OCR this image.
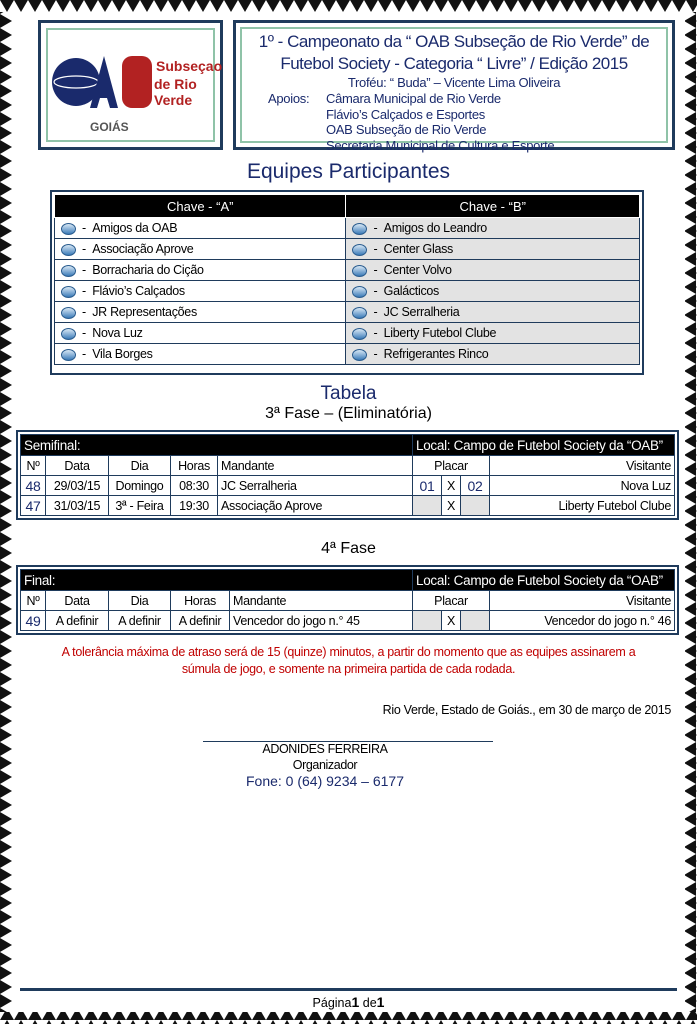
Subseçao
de Rio Verde
GOIÁS
1º - Campeonato da “ OAB Subseção de Rio Verde” de
Futebol Society - Categoria “ Livre” / Edição 2015
Troféu: “ Buda” – Vicente Lima Oliveira
Apoios: Câmara Municipal de Rio Verde
Flávio’s Calçados e Esportes
OAB Subseção de Rio Verde
Secretaria Municipal de Cultura e Esporte
Equipes Participantes
Chave - “A”	Chave - “B”
-  Amigos da OAB	-  Amigos do Leandro
-  Associação Aprove	-  Center Glass
-  Borracharia do Cição	-  Center Volvo
-  Flávio’s Calçados	-  Galácticos
-  JR Representações	-  JC Serralheria
-  Nova Luz	-  Liberty Futebol Clube
-  Vila Borges	-  Refrigerantes Rinco
Tabela
3ª Fase – (Eliminatória)
Semifinal:					Local: Campo de Futebol Society da “OAB”			
Nº	Data	Dia	Horas	Mandante	Placar			Visitante
48	29/03/15	Domingo	08:30	JC Serralheria	01	X	02	Nova Luz
47	31/03/15	3ª - Feira	19:30	Associação Aprove		X		Liberty Futebol Clube
4ª Fase
Final:					Local: Campo de Futebol Society da “OAB”			
Nº	Data	Dia	Horas	Mandante	Placar			Visitante
49	A definir	A definir	A definir	Vencedor do jogo n.° 45		X		Vencedor do jogo n.° 46
A tolerância máxima de atraso será de 15 (quinze) minutos, a partir do momento que as equipes assinarem a
súmula de jogo, e somente na primeira partida de cada rodada.
Rio Verde, Estado de Goiás., em 30 de março de 2015
ADONIDES FERREIRA
Organizador
Fone: 0 (64) 9234 – 6177
Página1 de1
